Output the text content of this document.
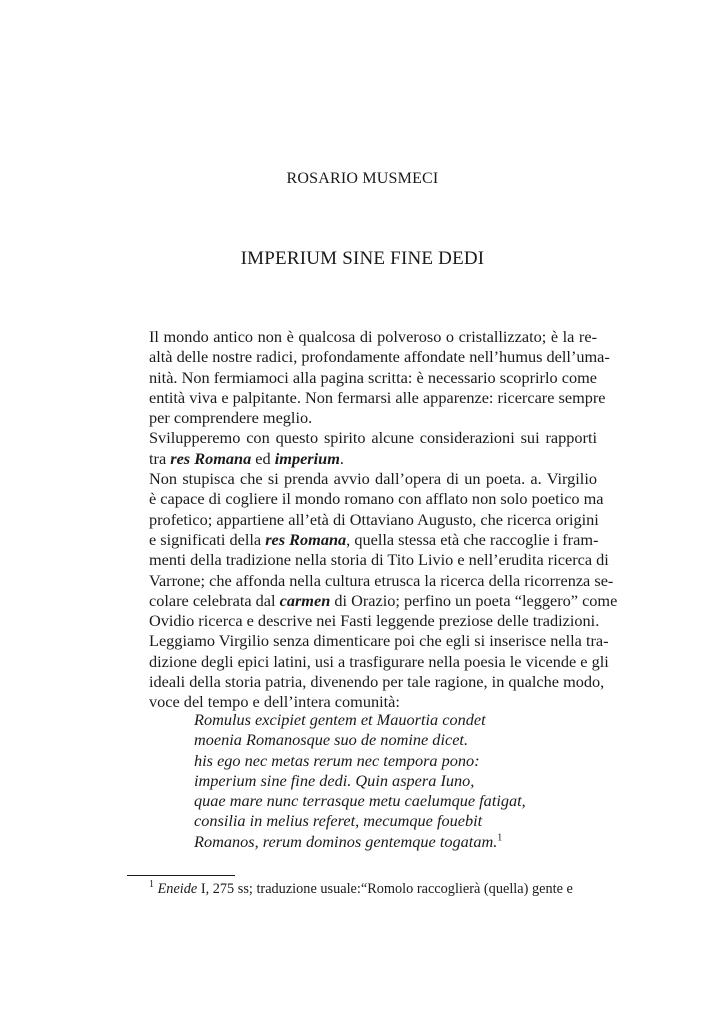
ROSARIO MUSMECI
IMPERIUM SINE FINE DEDI

Il mondo antico non è qualcosa di polveroso o cristallizzato; è la re-
altà delle nostre radici, profondamente affondate nell’humus dell’uma-
nità. Non fermiamoci alla pagina scritta: è necessario scoprirlo come
entità viva e palpitante. Non fermarsi alle apparenze: ricercare sempre
per comprendere meglio.

Svilupperemo con questo spirito alcune considerazioni sui rapporti
tra res Romana ed imperium.

Non stupisca che si prenda avvio dall’opera di un poeta. a. Virgilio
è capace di cogliere il mondo romano con afflato non solo poetico ma
profetico; appartiene all’età di Ottaviano Augusto, che ricerca origini
e significati della res Romana, quella stessa età che raccoglie i fram-
menti della tradizione nella storia di Tito Livio e nell’erudita ricerca di
Varrone; che affonda nella cultura etrusca la ricerca della ricorrenza se-
colare celebrata dal carmen di Orazio; perfino un poeta “leggero” come
Ovidio ricerca e descrive nei Fasti leggende preziose delle tradizioni.
Leggiamo Virgilio senza dimenticare poi che egli si inserisce nella tra-
dizione degli epici latini, usi a trasfigurare nella poesia le vicende e gli
ideali della storia patria, divenendo per tale ragione, in qualche modo,
voce del tempo e dell’intera comunità:

Romulus excipiet gentem et Mauortia condet
moenia Romanosque suo de nomine dicet.
his ego nec metas rerum nec tempora pono:
imperium sine fine dedi. Quin aspera Iuno,
quae mare nunc terrasque metu caelumque fatigat,
consilia in melius referet, mecumque fouebit
Romanos, rerum dominos gentemque togatam.$^1$
$^1$ Eneide I, 275 ss; traduzione usuale:“Romolo raccoglierà (quella) gente e
